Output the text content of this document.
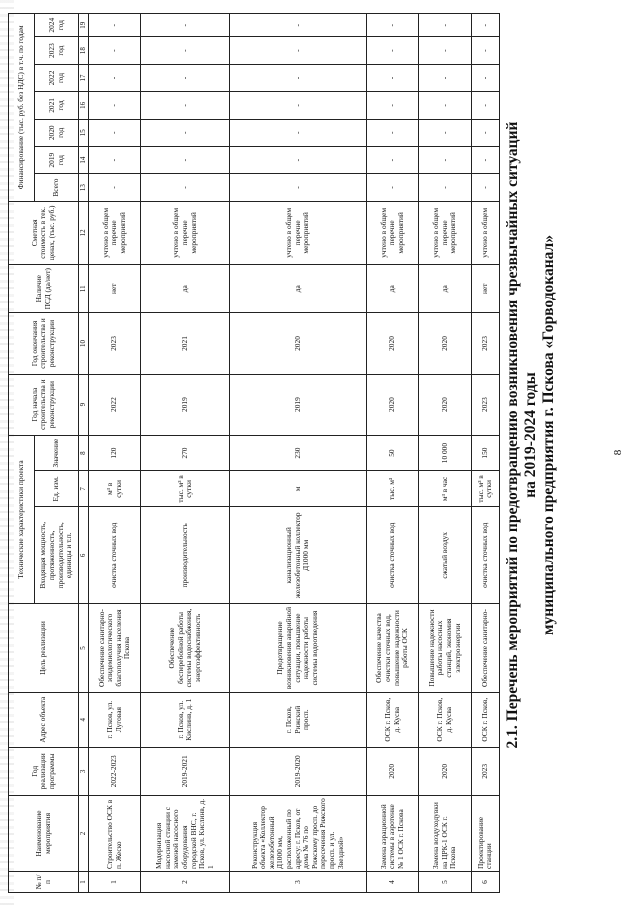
8
2.1. Перечень мероприятий по предотвращению возникновения чрезвычайных ситуаций на 2019-2024 годы муниципального предприятия г. Пскова «Горводоканал»
№ п/п	Наименование мероприятия	Год реализации программы	Адрес объекта	Цель реализации	Технические характеристики проекта			Год начала строительства и реконструкции	Год окончания строительства и реконструкции	Наличие ПСД (да/нет)	Сметная стоимость в тек. ценах, (тыс. руб.)	Финансирование (тыс. руб. без НДС) в т.ч. по годам						
					Входящая мощность, протяженность, производительность, единицы и т.п.	Ед. изм.	Значение					Всего	2019 год	2020 год	2021 год	2022 год	2023 год	2024 год
1	2	3	4	5	6	7	8	9	10	11	12	13	14	15	16	17	18	19
1	Строительство ОСК в п. Жеско	2022-2023	г. Псков, ул. Луговая	Обеспечение санитарно-эпидемиологического благополучия населения Пскова	очистка сточных вод	м³ в сутки	120	2022	2023	нет	учтено в общем перечне мероприятий	-	-	-	-	-	-	-
2	Модернизация насосной станции с заменой насосного оборудования городской ВНС, г. Псков, ул. Кислинв, д. 1	2019-2021	г. Псков, ул. Кислинв, д. 1	Обеспечение бесперебойной работы системы водоснабжения, энергоэффективность	производительность	тыс. м³ в сутки	270	2019	2021	да	учтено в общем перечне мероприятий	-	-	-	-	-	-	-
3	Реконструкция объекта «Коллектор железобетонный Д1000 мм, расположенный по адресу: г. Псков, от дома № 76 по Рижскому просп. до пересечения Рижского просп. и ул. Звездной»	2019-2020	г. Псков, Рижский просп.	Предотвращение возникновения аварийной ситуации, повышение надежности работы системы водоотведения	канализационный железобетонный коллектор Д1000 мм	м	230	2019	2020	да	учтено в общем перечне мероприятий	-	-	-	-	-	-	-
4	Замена аэрационной системы в аэротенке № 1 ОСК г. Пскова	2020	ОСК г. Псков, д. Кусва	Обеспечение качества очистки сточных вод, повышение надежности работы ОСК	очистка сточных вод	тыс. м³	50	2020	2020	да	учтено в общем перечне мероприятий	-	-	-	-	-	-	-
5	Замена воздуходувки на ЦРК-1 ОСК г. Пскова	2020	ОСК г. Псков, д. Кусва	Повышение надежности работы насосных станций, экономия электроэнергии	сжатый воздух	м³ в час	10 000	2020	2020	да	учтено в общем перечне мероприятий	-	-	-	-	-	-	-
6	Проектирование станции	2023	ОСК г. Псков,	Обеспечение санитарно-	очистка сточных вод	тыс. м³ в сутки	150	2023	2023	нет	учтено в общем	-	-	-	-	-	-	-
